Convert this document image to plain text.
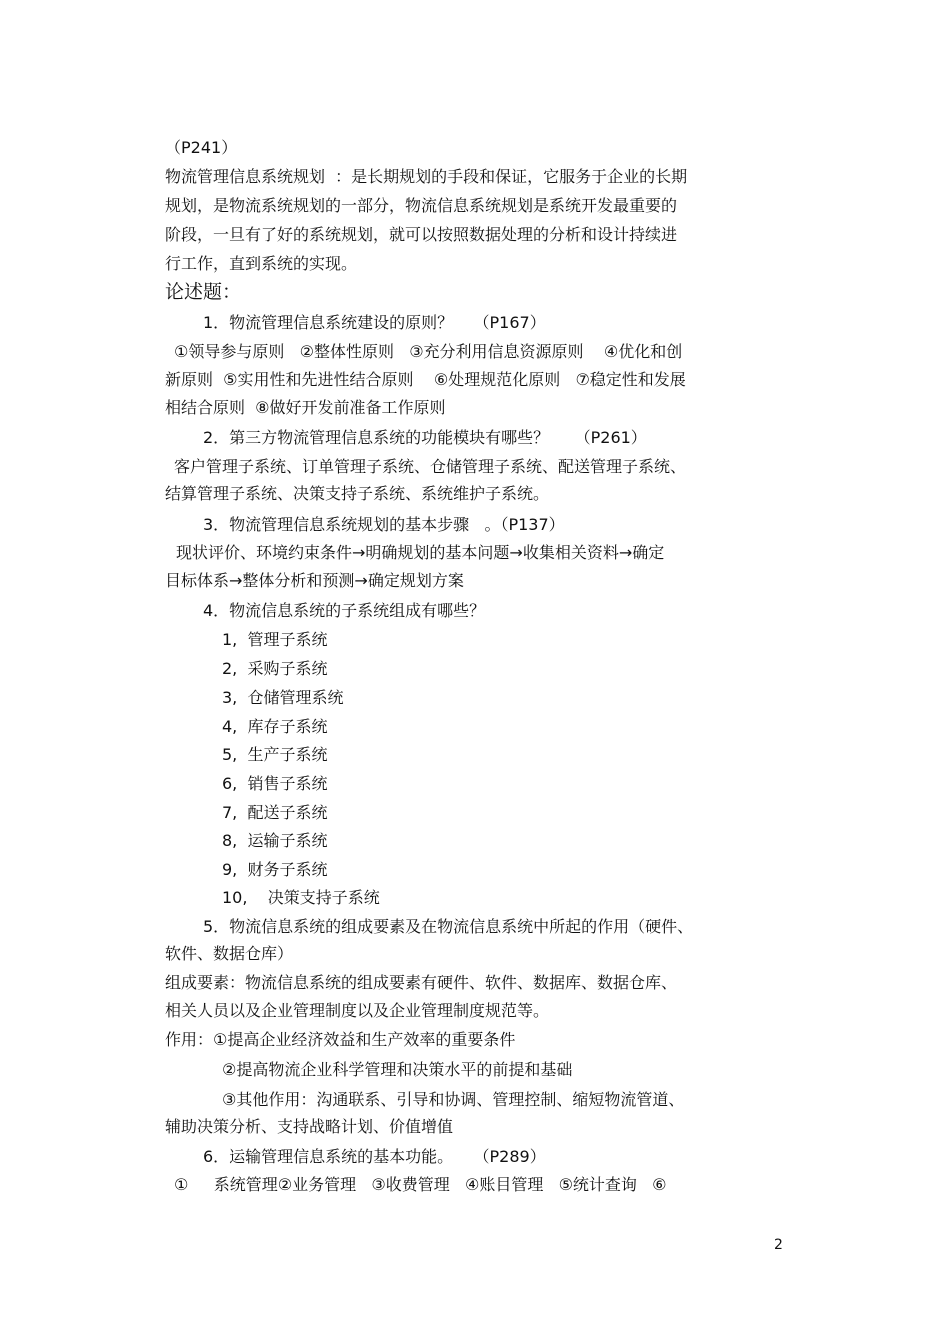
（P241）
物流管理信息系统规划  ：是长期规划的手段和保证，它服务于企业的长期
规划，是物流系统规划的一部分，物流信息系统规划是系统开发最重要的
阶段，一旦有了好的系统规划，就可以按照数据处理的分析和设计持续进
行工作，直到系统的实现。
论述题：
1．物流管理信息系统建设的原则？    （P167）
①领导参与原则   ②整体性原则   ③充分利用信息资源原则    ④优化和创
新原则  ⑤实用性和先进性结合原则    ⑥处理规范化原则   ⑦稳定性和发展
相结合原则  ⑧做好开发前准备工作原则
2．第三方物流管理信息系统的功能模块有哪些？     （P261）
客户管理子系统、订单管理子系统、仓储管理子系统、配送管理子系统、
结算管理子系统、决策支持子系统、系统维护子系统。
3．物流管理信息系统规划的基本步骤   。（P137）
现状评价、环境约束条件→明确规划的基本问题→收集相关资料→确定
目标体系→整体分析和预测→确定规划方案
4．物流信息系统的子系统组成有哪些？
1,  管理子系统
2,  采购子系统
3,  仓储管理系统
4,  库存子系统
5,  生产子系统
6,  销售子系统
7,  配送子系统
8,  运输子系统
9,  财务子系统
10,    决策支持子系统
5．物流信息系统的组成要素及在物流信息系统中所起的作用（硬件、
软件、数据仓库）
组成要素：物流信息系统的组成要素有硬件、软件、数据库、数据仓库、
相关人员以及企业管理制度以及企业管理制度规范等。
作用：①提高企业经济效益和生产效率的重要条件
②提高物流企业科学管理和决策水平的前提和基础
③其他作用：沟通联系、引导和协调、管理控制、缩短物流管道、
辅助决策分析、支持战略计划、价值增值
6．运输管理信息系统的基本功能。    （P289）
①     系统管理②业务管理   ③收费管理   ④账目管理   ⑤统计查询   ⑥
2
